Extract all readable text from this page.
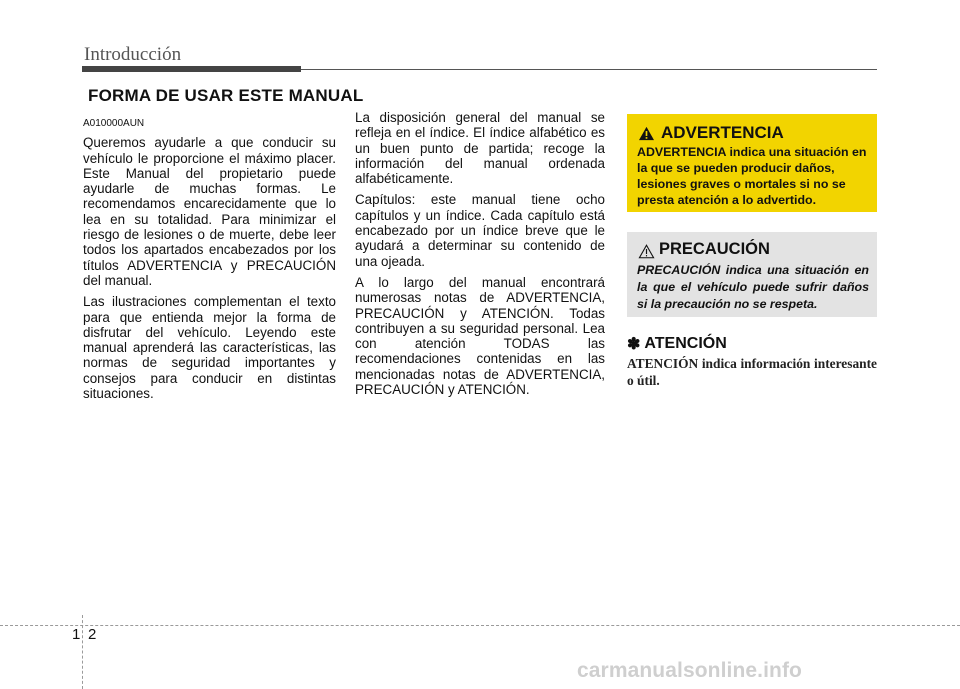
Introducción
FORMA DE USAR ESTE MANUAL

A010000AUN

Queremos ayudarle a que conducir su vehículo le proporcione el máximo placer. Este Manual del propietario puede ayudarle de muchas formas. Le recomendamos encarecidamente que lo lea en su totalidad. Para minimizar el riesgo de lesiones o de muerte, debe leer todos los apartados encabezados por los títulos ADVERTENCIA y PRECAUCIÓN del manual.

Las ilustraciones complementan el texto para que entienda mejor la forma de disfrutar del vehículo. Leyendo este manual aprenderá las características, las normas de seguridad importantes y consejos para conducir en distintas situaciones.

La disposición general del manual se refleja en el índice. El índice alfabético es un buen punto de partida; recoge la información del manual ordenada alfabéticamente.

Capítulos: este manual tiene ocho capítulos y un índice. Cada capítulo está encabezado por un índice breve que le ayudará a determinar su contenido de una ojeada.

A lo largo del manual encontrará numerosas notas de ADVERTENCIA, PRECAUCIÓN y ATENCIÓN. Todas contribuyen a su seguridad personal. Lea con atención TODAS las recomendaciones contenidas en las mencionadas notas de ADVERTENCIA, PRECAUCIÓN y ATENCIÓN.

ADVERTENCIA
ADVERTENCIA indica una situación en la que se pueden producir daños, lesiones graves o mortales si no se presta atención a lo advertido.
PRECAUCIÓN
PRECAUCIÓN indica una situación en la que el vehículo puede sufrir daños si la precaución no se respeta.
✽ ATENCIÓN
ATENCIÓN indica información interesante o útil.
1 2
carmanualsonline.info
